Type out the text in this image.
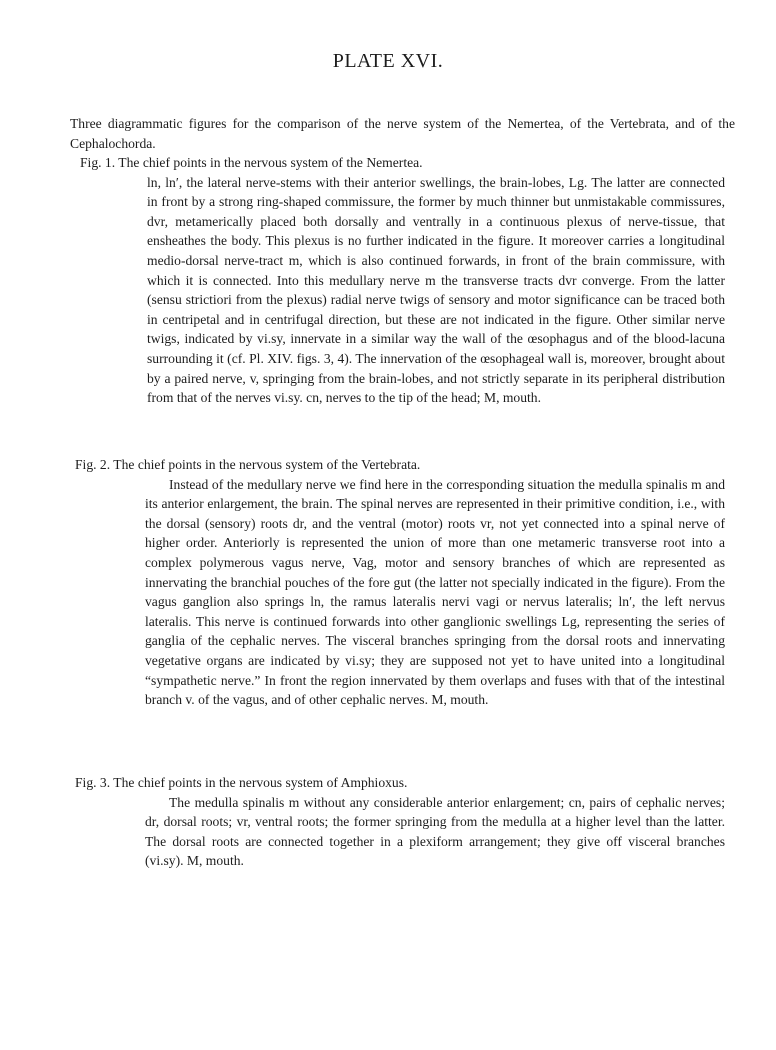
PLATE XVI.
Three diagrammatic figures for the comparison of the nerve system of the Nemertea, of the Vertebrata, and of the Cephalochorda.

Fig. 1. The chief points in the nervous system of the Nemertea.

ln, ln′, the lateral nerve-stems with their anterior swellings, the brain-lobes, Lg. The latter are connected in front by a strong ring-shaped commissure, the former by much thinner but unmistakable commissures, dvr, metamerically placed both dorsally and ventrally in a continuous plexus of nerve-tissue, that ensheathes the body. This plexus is no further indicated in the figure. It moreover carries a longitudinal medio-dorsal nerve-tract m, which is also continued forwards, in front of the brain commissure, with which it is connected. Into this medullary nerve m the transverse tracts dvr converge. From the latter (sensu strictiori from the plexus) radial nerve twigs of sensory and motor significance can be traced both in centripetal and in centrifugal direction, but these are not indicated in the figure. Other similar nerve twigs, indicated by vi.sy, innervate in a similar way the wall of the œsophagus and of the blood-lacuna surrounding it (cf. Pl. XIV. figs. 3, 4). The innervation of the œsophageal wall is, moreover, brought about by a paired nerve, v, springing from the brain-lobes, and not strictly separate in its peripheral distribution from that of the nerves vi.sy. cn, nerves to the tip of the head; M, mouth.

Fig. 2. The chief points in the nervous system of the Vertebrata.

Instead of the medullary nerve we find here in the corresponding situation the medulla spinalis m and its anterior enlargement, the brain. The spinal nerves are represented in their primitive condition, i.e., with the dorsal (sensory) roots dr, and the ventral (motor) roots vr, not yet connected into a spinal nerve of higher order. Anteriorly is represented the union of more than one metameric transverse root into a complex polymerous vagus nerve, Vag, motor and sensory branches of which are represented as innervating the branchial pouches of the fore gut (the latter not specially indicated in the figure). From the vagus ganglion also springs ln, the ramus lateralis nervi vagi or nervus lateralis; ln′, the left nervus lateralis. This nerve is continued forwards into other ganglionic swellings Lg, representing the series of ganglia of the cephalic nerves. The visceral branches springing from the dorsal roots and innervating vegetative organs are indicated by vi.sy; they are supposed not yet to have united into a longitudinal “sympathetic nerve.” In front the region innervated by them overlaps and fuses with that of the intestinal branch v. of the vagus, and of other cephalic nerves. M, mouth.

Fig. 3. The chief points in the nervous system of Amphioxus.

The medulla spinalis m without any considerable anterior enlargement; cn, pairs of cephalic nerves; dr, dorsal roots; vr, ventral roots; the former springing from the medulla at a higher level than the latter. The dorsal roots are connected together in a plexiform arrangement; they give off visceral branches (vi.sy). M, mouth.
